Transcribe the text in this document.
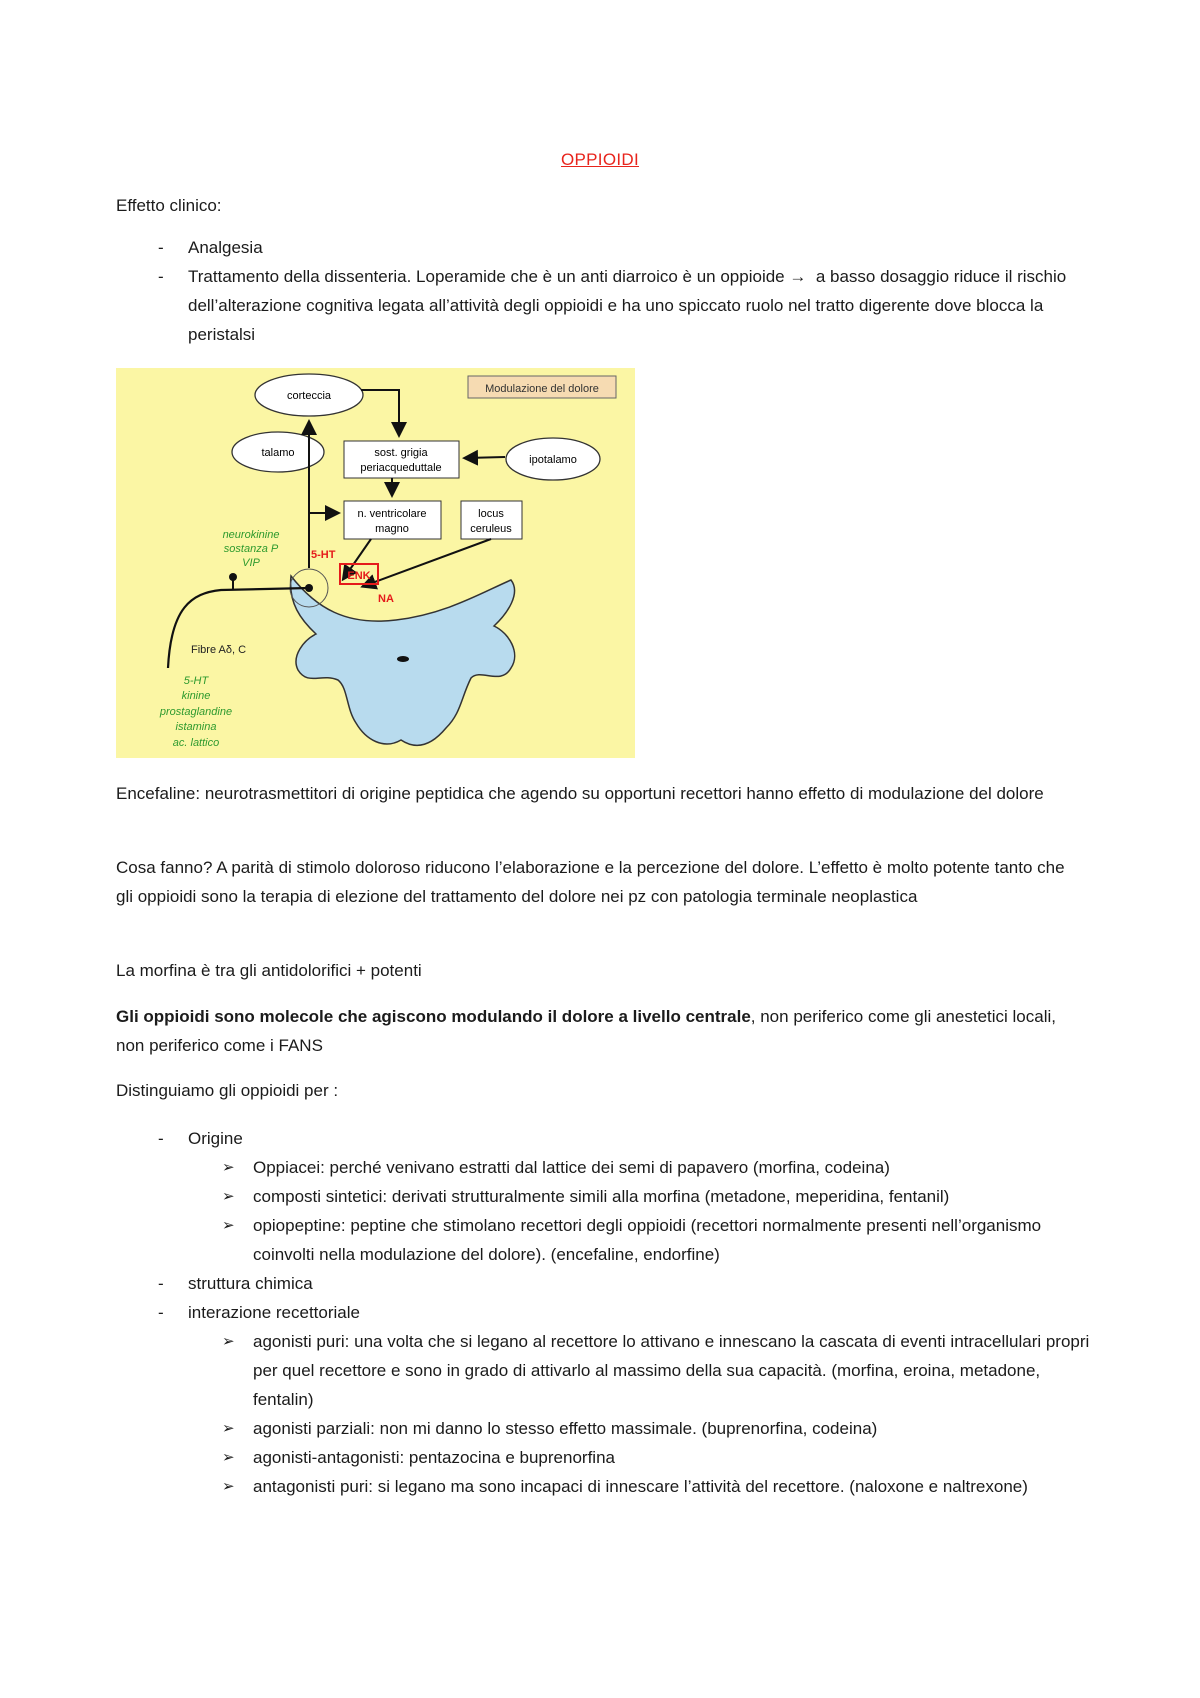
OPPIOIDI
Effetto clinico:
- Analgesia
- Trattamento della dissenteria. Loperamide che è un anti diarroico è un oppioide → a basso dosaggio riduce il rischio dell’alterazione cognitiva legata all’attività degli oppioidi e ha uno spiccato ruolo nel tratto digerente dove blocca la peristalsi
Modulazione del dolore
corteccia
talamo
ipotalamo
sost. grigia
periacqueduttale
n. ventricolare
magno
locus
ceruleus
neurokinine
sostanza P
VIP
5-HT
ENK
NA
Fibre Aδ, C
5-HT
kinine
prostaglandine
istamina
ac. lattico
Encefaline: neurotrasmettitori di origine peptidica che agendo su opportuni recettori hanno effetto di modulazione del dolore
Cosa fanno? A parità di stimolo doloroso riducono l’elaborazione e la percezione del dolore. L’effetto è molto potente tanto che gli oppioidi sono la terapia di elezione del trattamento del dolore nei pz con patologia terminale neoplastica
La morfina è tra gli antidolorifici + potenti
Gli oppioidi sono molecole che agiscono modulando il dolore a livello centrale, non periferico come gli anestetici locali, non periferico come i FANS
Distinguiamo gli oppioidi per :
- Origine
➢ Oppiacei: perché venivano estratti dal lattice dei semi di papavero (morfina, codeina)
➢ composti sintetici: derivati strutturalmente simili alla morfina (metadone, meperidina, fentanil)
➢ opiopeptine: peptine che stimolano recettori degli oppioidi (recettori normalmente presenti nell’organismo coinvolti nella modulazione del dolore). (encefaline, endorfine)
- struttura chimica
- interazione recettoriale
➢ agonisti puri: una volta che si legano al recettore lo attivano e innescano la cascata di eventi intracellulari propri per quel recettore e sono in grado di attivarlo al massimo della sua capacità. (morfina, eroina, metadone, fentalin)
➢ agonisti parziali: non mi danno lo stesso effetto massimale. (buprenorfina, codeina)
➢ agonisti-antagonisti: pentazocina e buprenorfina
➢ antagonisti puri: si legano ma sono incapaci di innescare l’attività del recettore. (naloxone e naltrexone)
